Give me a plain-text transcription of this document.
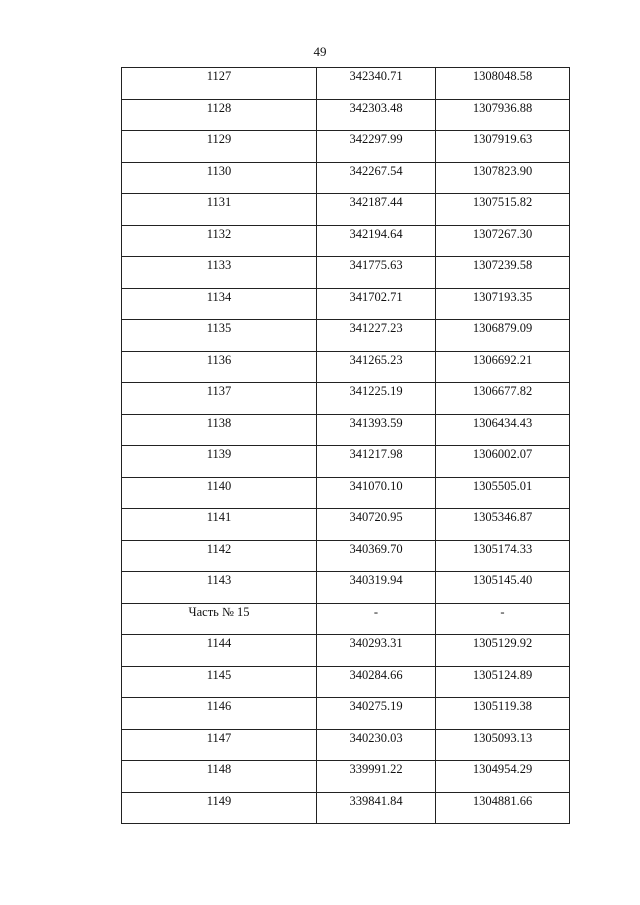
49
1127	342340.71	1308048.58
1128	342303.48	1307936.88
1129	342297.99	1307919.63
1130	342267.54	1307823.90
1131	342187.44	1307515.82
1132	342194.64	1307267.30
1133	341775.63	1307239.58
1134	341702.71	1307193.35
1135	341227.23	1306879.09
1136	341265.23	1306692.21
1137	341225.19	1306677.82
1138	341393.59	1306434.43
1139	341217.98	1306002.07
1140	341070.10	1305505.01
1141	340720.95	1305346.87
1142	340369.70	1305174.33
1143	340319.94	1305145.40
Часть № 15	-	-
1144	340293.31	1305129.92
1145	340284.66	1305124.89
1146	340275.19	1305119.38
1147	340230.03	1305093.13
1148	339991.22	1304954.29
1149	339841.84	1304881.66
